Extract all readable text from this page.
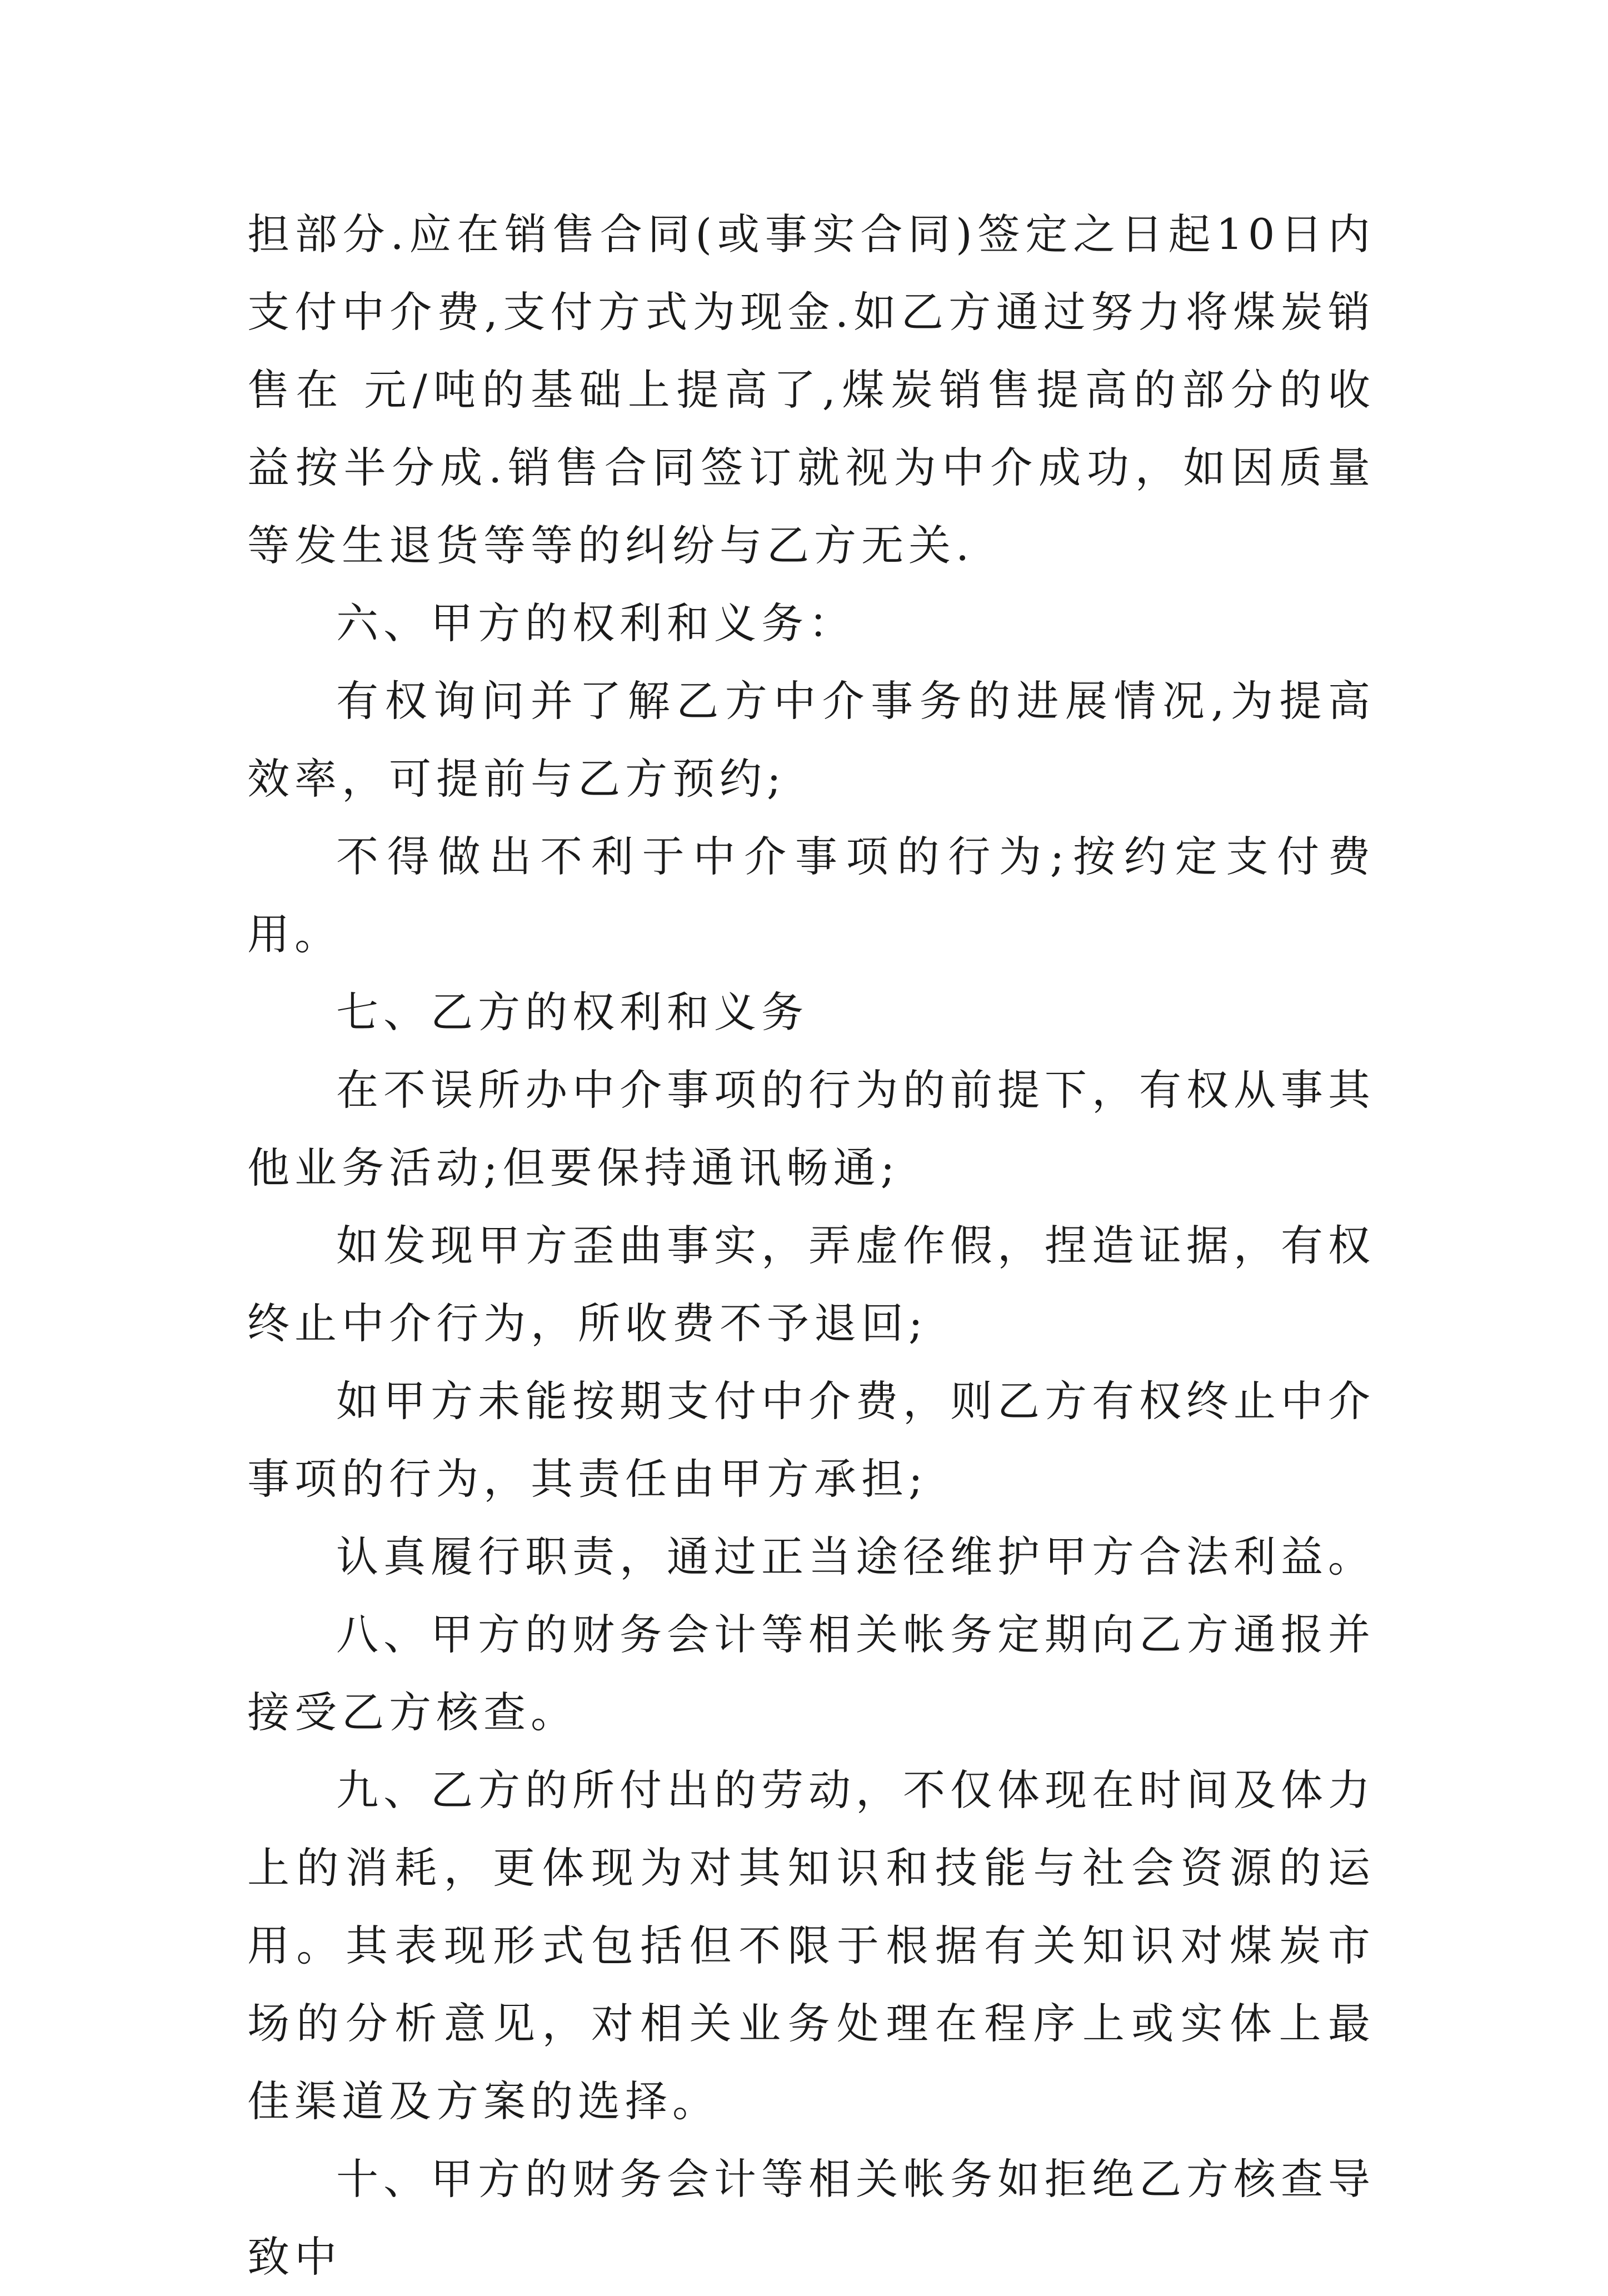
担部分.应在销售合同(或事实合同)签定之日起10日内支付中介费,支付方式为现金.如乙方通过努力将煤炭销售在 元/吨的基础上提高了,煤炭销售提高的部分的收益按半分成.销售合同签订就视为中介成功，如因质量等发生退货等等的纠纷与乙方无关.

六、甲方的权利和义务：

有权询问并了解乙方中介事务的进展情况,为提高效率，可提前与乙方预约;

不得做出不利于中介事项的行为;按约定支付费用。

七、乙方的权利和义务

在不误所办中介事项的行为的前提下，有权从事其他业务活动;但要保持通讯畅通;

如发现甲方歪曲事实，弄虚作假，捏造证据，有权终止中介行为，所收费不予退回;

如甲方未能按期支付中介费，则乙方有权终止中介事项的行为，其责任由甲方承担;

认真履行职责，通过正当途径维护甲方合法利益。

八、甲方的财务会计等相关帐务定期向乙方通报并接受乙方核查。

九、乙方的所付出的劳动，不仅体现在时间及体力上的消耗，更体现为对其知识和技能与社会资源的运用。其表现形式包括但不限于根据有关知识对煤炭市场的分析意见，对相关业务处理在程序上或实体上最佳渠道及方案的选择。

十、甲方的财务会计等相关帐务如拒绝乙方核查导致中
